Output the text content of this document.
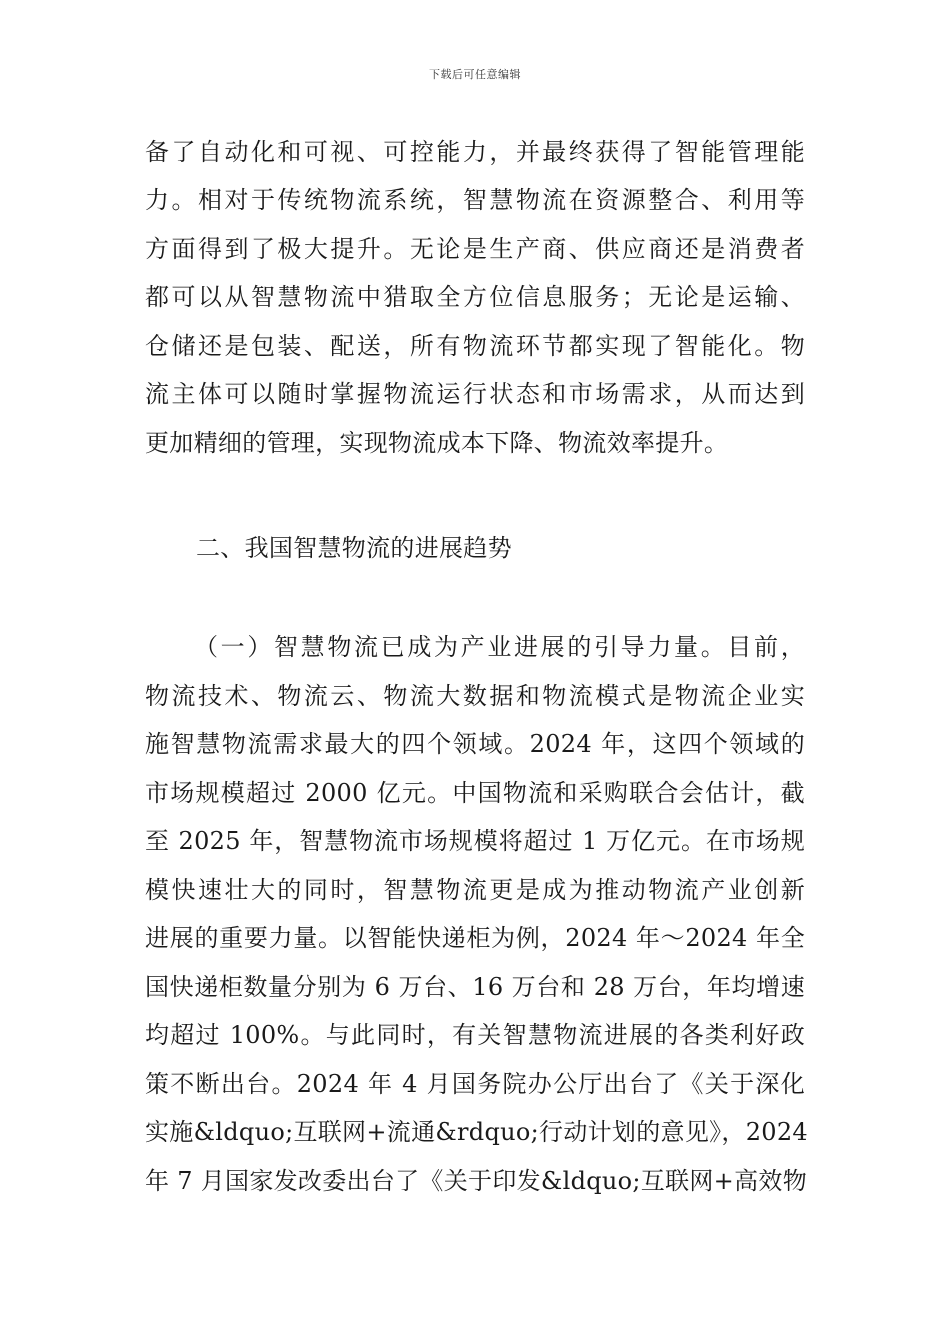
下载后可任意编辑
备了自动化和可视、可控能力，并最终获得了智能管理能
力。相对于传统物流系统，智慧物流在资源整合、利用等
方面得到了极大提升。无论是生产商、供应商还是消费者
都可以从智慧物流中猎取全方位信息服务；无论是运输、
仓储还是包装、配送，所有物流环节都实现了智能化。物
流主体可以随时掌握物流运行状态和市场需求，从而达到
更加精细的管理，实现物流成本下降、物流效率提升。
二、我国智慧物流的进展趋势
（一）智慧物流已成为产业进展的引导力量。目前，
物流技术、物流云、物流大数据和物流模式是物流企业实
施智慧物流需求最大的四个领域。2024 年，这四个领域的
市场规模超过 2000 亿元。中国物流和采购联合会估计，截
至 2025 年，智慧物流市场规模将超过 1 万亿元。在市场规
模快速壮大的同时，智慧物流更是成为推动物流产业创新
进展的重要力量。以智能快递柜为例，2024 年～2024 年全
国快递柜数量分别为 6 万台、16 万台和 28 万台，年均增速
均超过 100%。与此同时，有关智慧物流进展的各类利好政
策不断出台。2024 年 4 月国务院办公厅出台了《关于深化
实施&ldquo;互联网+流通&rdquo;行动计划的意见》，2024
年 7 月国家发改委出台了《关于印发&ldquo;互联网+高效物
